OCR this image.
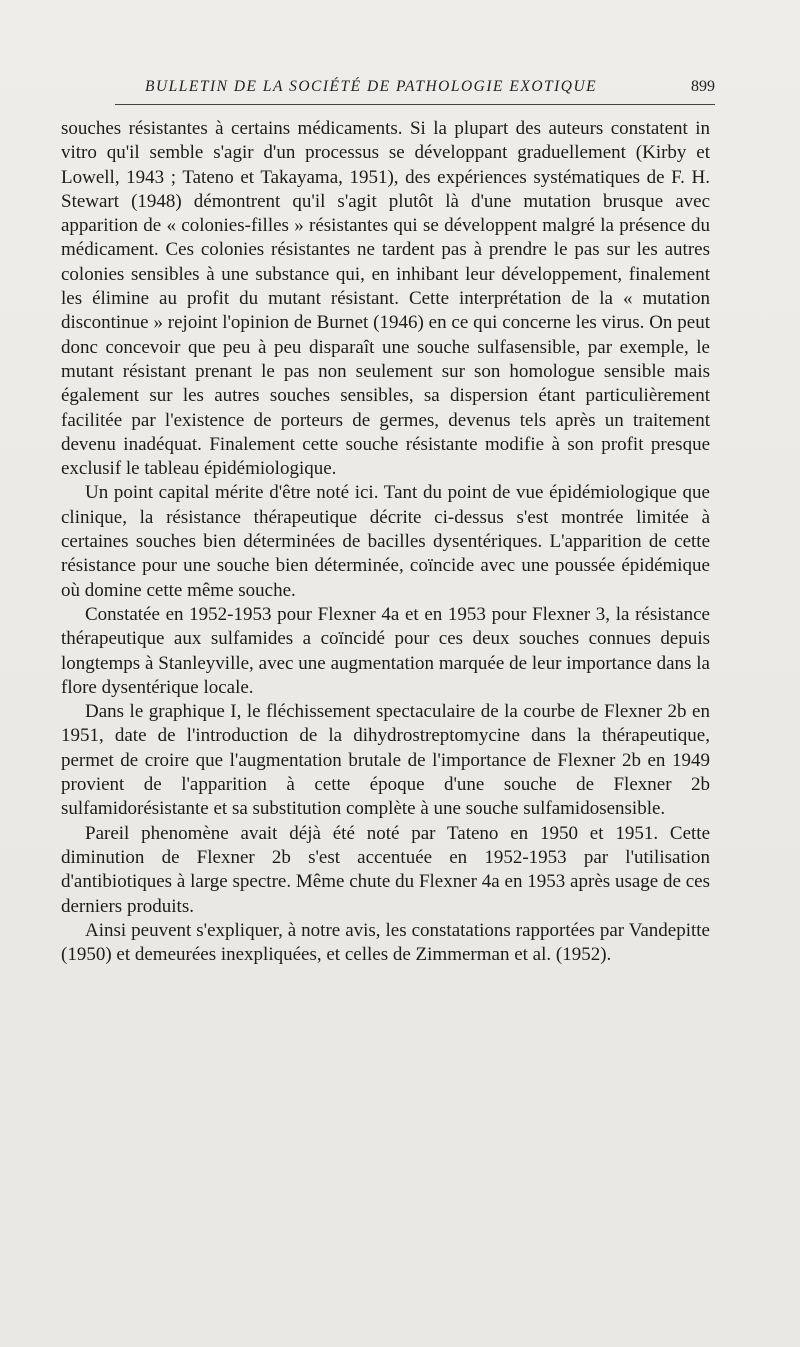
BULLETIN DE LA SOCIÉTÉ DE PATHOLOGIE EXOTIQUE	899

souches résistantes à certains médicaments. Si la plupart des auteurs constatent in vitro qu'il semble s'agir d'un processus se développant graduellement (Kirby et Lowell, 1943 ; Tateno et Takayama, 1951), des expériences systématiques de F. H. Stewart (1948) démontrent qu'il s'agit plutôt là d'une mutation brusque avec apparition de « colonies-filles » résistantes qui se développent malgré la présence du médicament. Ces colonies résistantes ne tardent pas à prendre le pas sur les autres colonies sensibles à une substance qui, en inhibant leur développement, finalement les élimine au profit du mutant résistant. Cette interprétation de la « mutation discontinue » rejoint l'opinion de Burnet (1946) en ce qui concerne les virus. On peut donc concevoir que peu à peu disparaît une souche sulfasensible, par exemple, le mutant résistant prenant le pas non seulement sur son homologue sensible mais également sur les autres souches sensibles, sa dispersion étant particulièrement facilitée par l'existence de porteurs de germes, devenus tels après un traitement devenu inadéquat. Finalement cette souche résistante modifie à son profit presque exclusif le tableau épidémiologique.

Un point capital mérite d'être noté ici. Tant du point de vue épidémiologique que clinique, la résistance thérapeutique décrite ci-dessus s'est montrée limitée à certaines souches bien déterminées de bacilles dysentériques. L'apparition de cette résistance pour une souche bien déterminée, coïncide avec une poussée épidémique où domine cette même souche.

Constatée en 1952-1953 pour Flexner 4a et en 1953 pour Flexner 3, la résistance thérapeutique aux sulfamides a coïncidé pour ces deux souches connues depuis longtemps à Stanleyville, avec une augmentation marquée de leur importance dans la flore dysentérique locale.

Dans le graphique I, le fléchissement spectaculaire de la courbe de Flexner 2b en 1951, date de l'introduction de la dihydrostreptomycine dans la thérapeutique, permet de croire que l'augmentation brutale de l'importance de Flexner 2b en 1949 provient de l'apparition à cette époque d'une souche de Flexner 2b sulfamidorésistante et sa substitution complète à une souche sulfamidosensible.

Pareil phenomène avait déjà été noté par Tateno en 1950 et 1951. Cette diminution de Flexner 2b s'est accentuée en 1952-1953 par l'utilisation d'antibiotiques à large spectre. Même chute du Flexner 4a en 1953 après usage de ces derniers produits.

Ainsi peuvent s'expliquer, à notre avis, les constatations rapportées par Vandepitte (1950) et demeurées inexpliquées, et celles de Zimmerman et al. (1952).
